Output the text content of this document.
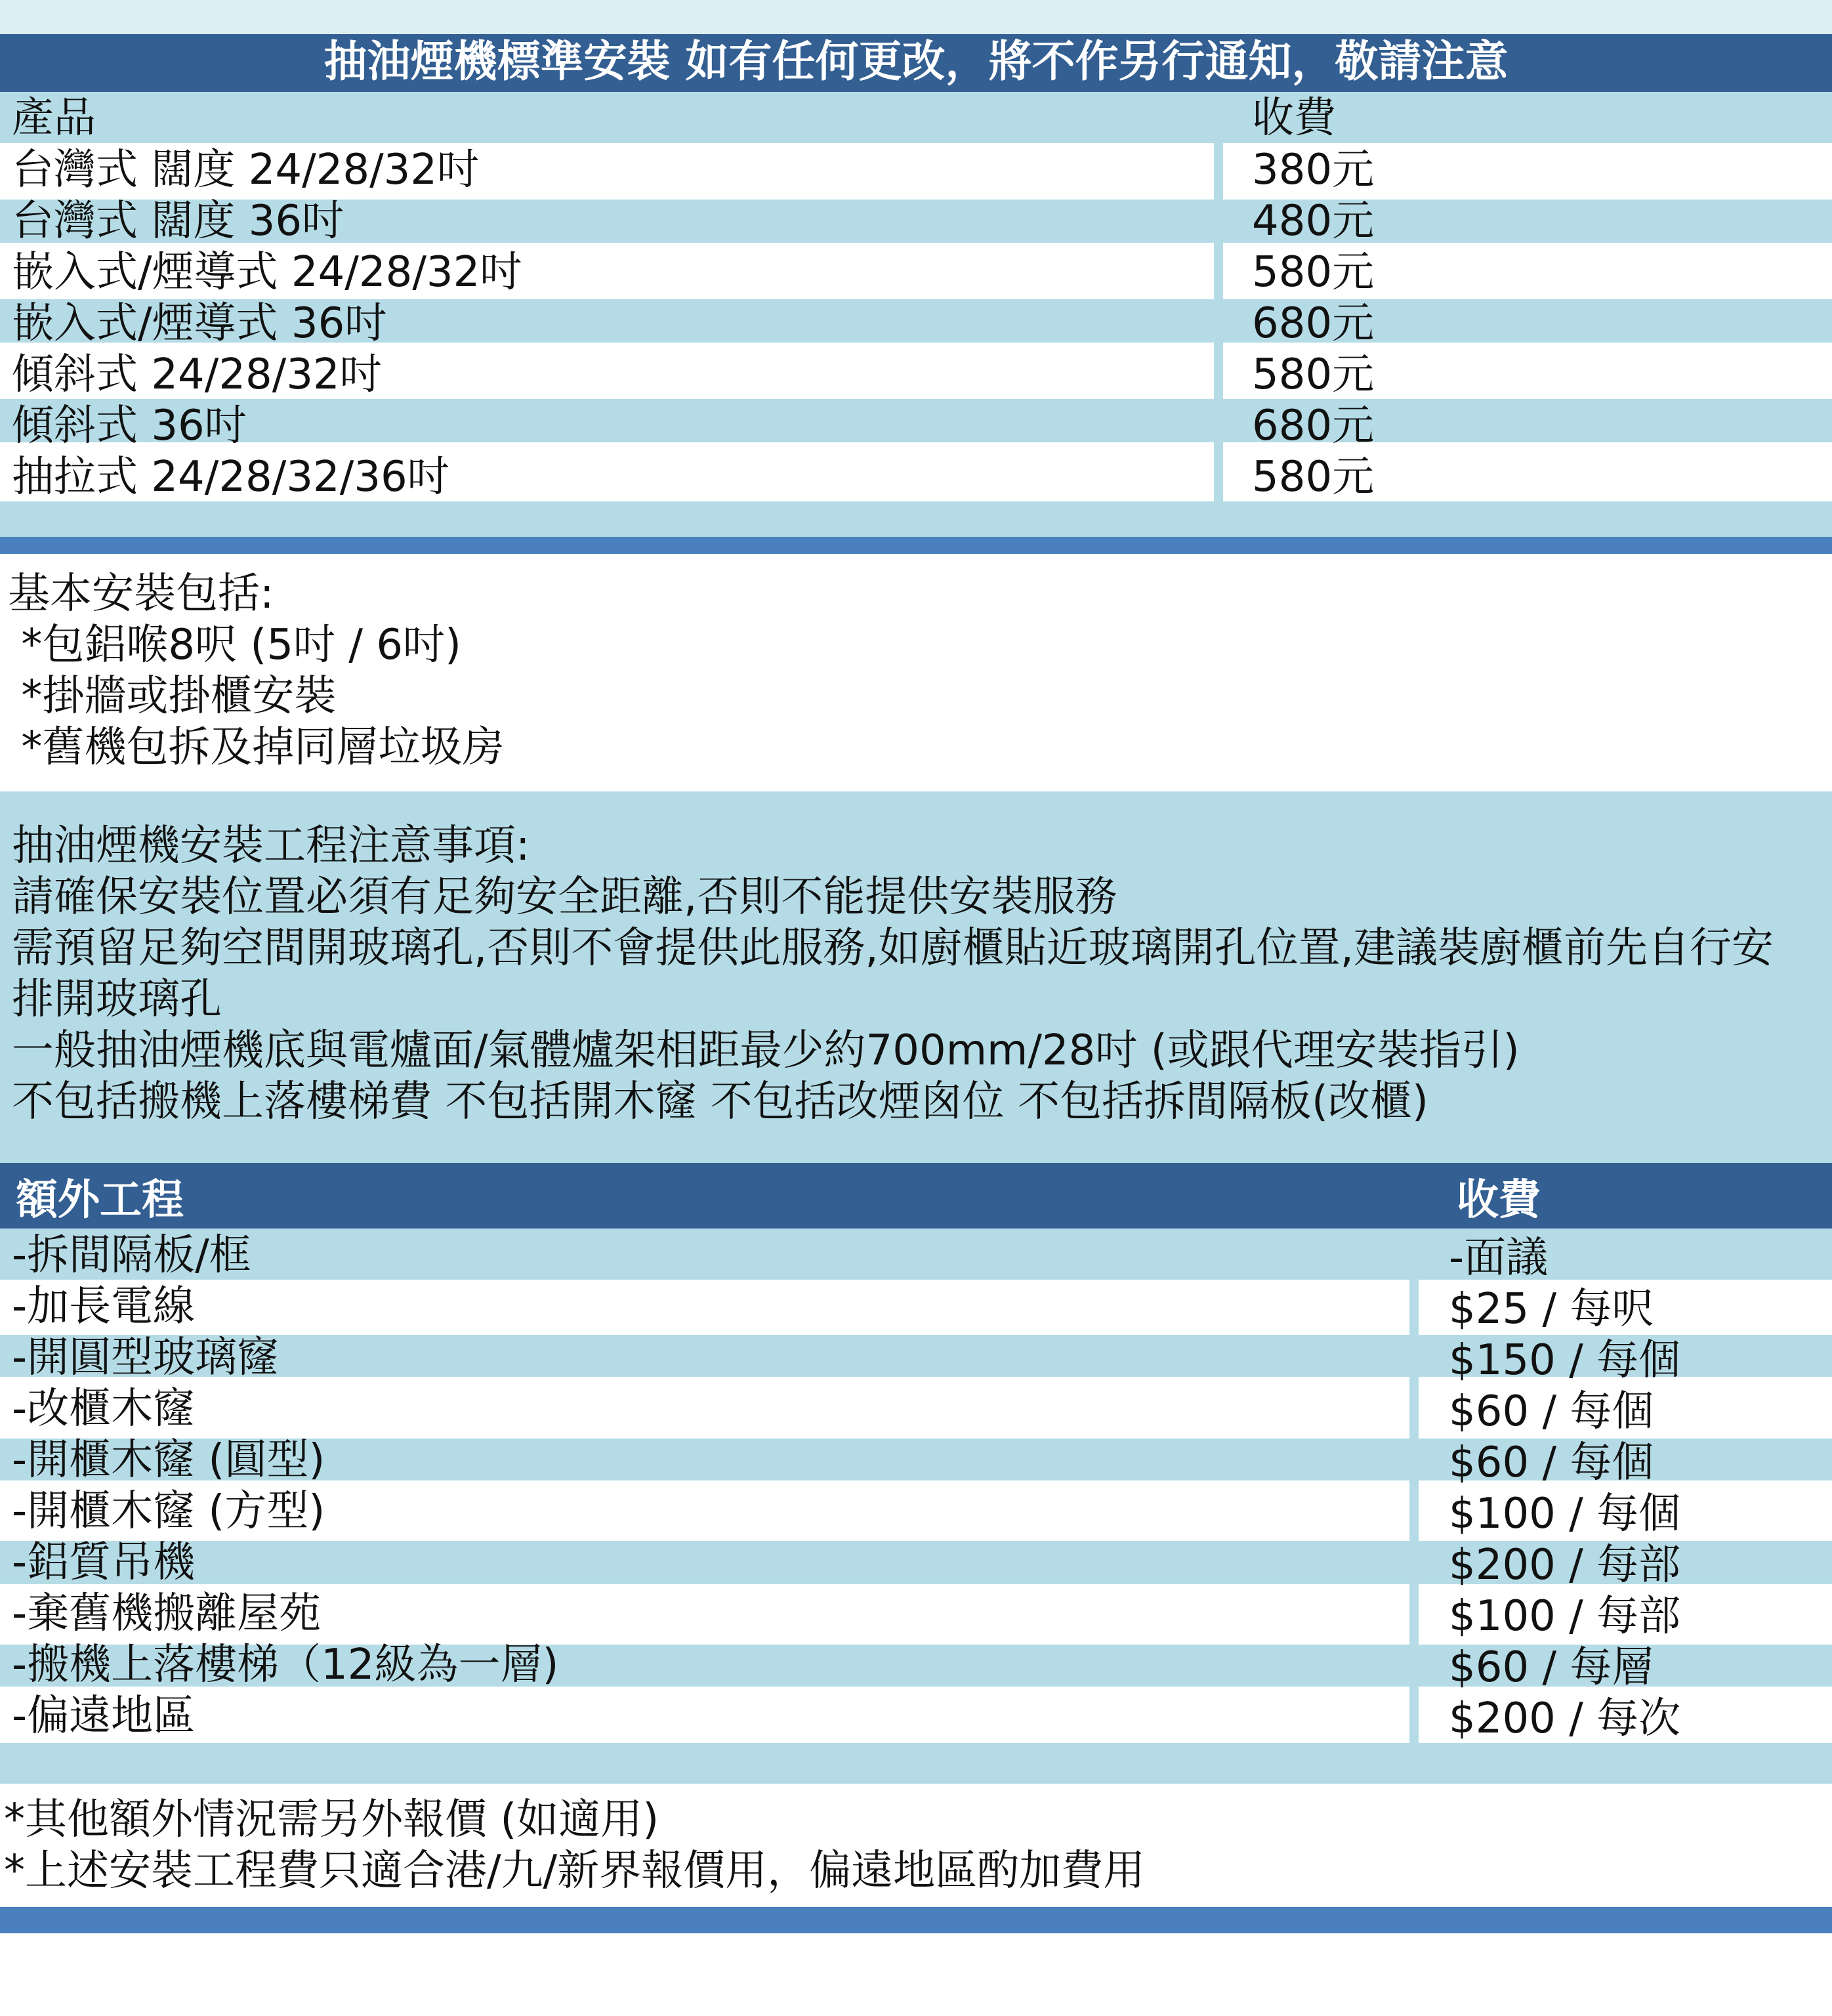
抽油煙機標準安裝 如有任何更改，將不作另行通知，敬請注意
產品	收費
台灣式 闊度 24/28/32吋	380元
台灣式 闊度 36吋	480元
嵌入式/煙導式 24/28/32吋	580元
嵌入式/煙導式 36吋	680元
傾斜式 24/28/32吋	580元
傾斜式 36吋	680元
抽拉式 24/28/32/36吋	580元
基本安裝包括:
*包鋁喉8呎 (5吋 / 6吋)
*掛牆或掛櫃安裝
*舊機包拆及掉同層垃圾房
抽油煙機安裝工程注意事項:
請確保安裝位置必須有足夠安全距離,否則不能提供安裝服務
需預留足夠空間開玻璃孔,否則不會提供此服務,如廚櫃貼近玻璃開孔位置,建議裝廚櫃前先自行安
排開玻璃孔
一般抽油煙機底與電爐面/氣體爐架相距最少約700mm/28吋 (或跟代理安裝指引)
不包括搬機上落樓梯費 不包括開木窿 不包括改煙囪位 不包括拆間隔板(改櫃)
額外工程	收費
-拆間隔板/框	-面議
-加長電線	$25 / 每呎
-開圓型玻璃窿	$150 / 每個
-改櫃木窿	$60 / 每個
-開櫃木窿 (圓型)	$60 / 每個
-開櫃木窿 (方型)	$100 / 每個
-鋁質吊機	$200 / 每部
-棄舊機搬離屋苑	$100 / 每部
-搬機上落樓梯（12級為一層)	$60 / 每層
-偏遠地區	$200 / 每次
*其他額外情況需另外報價 (如適用)
*上述安裝工程費只適合港/九/新界報價用，偏遠地區酌加費用
